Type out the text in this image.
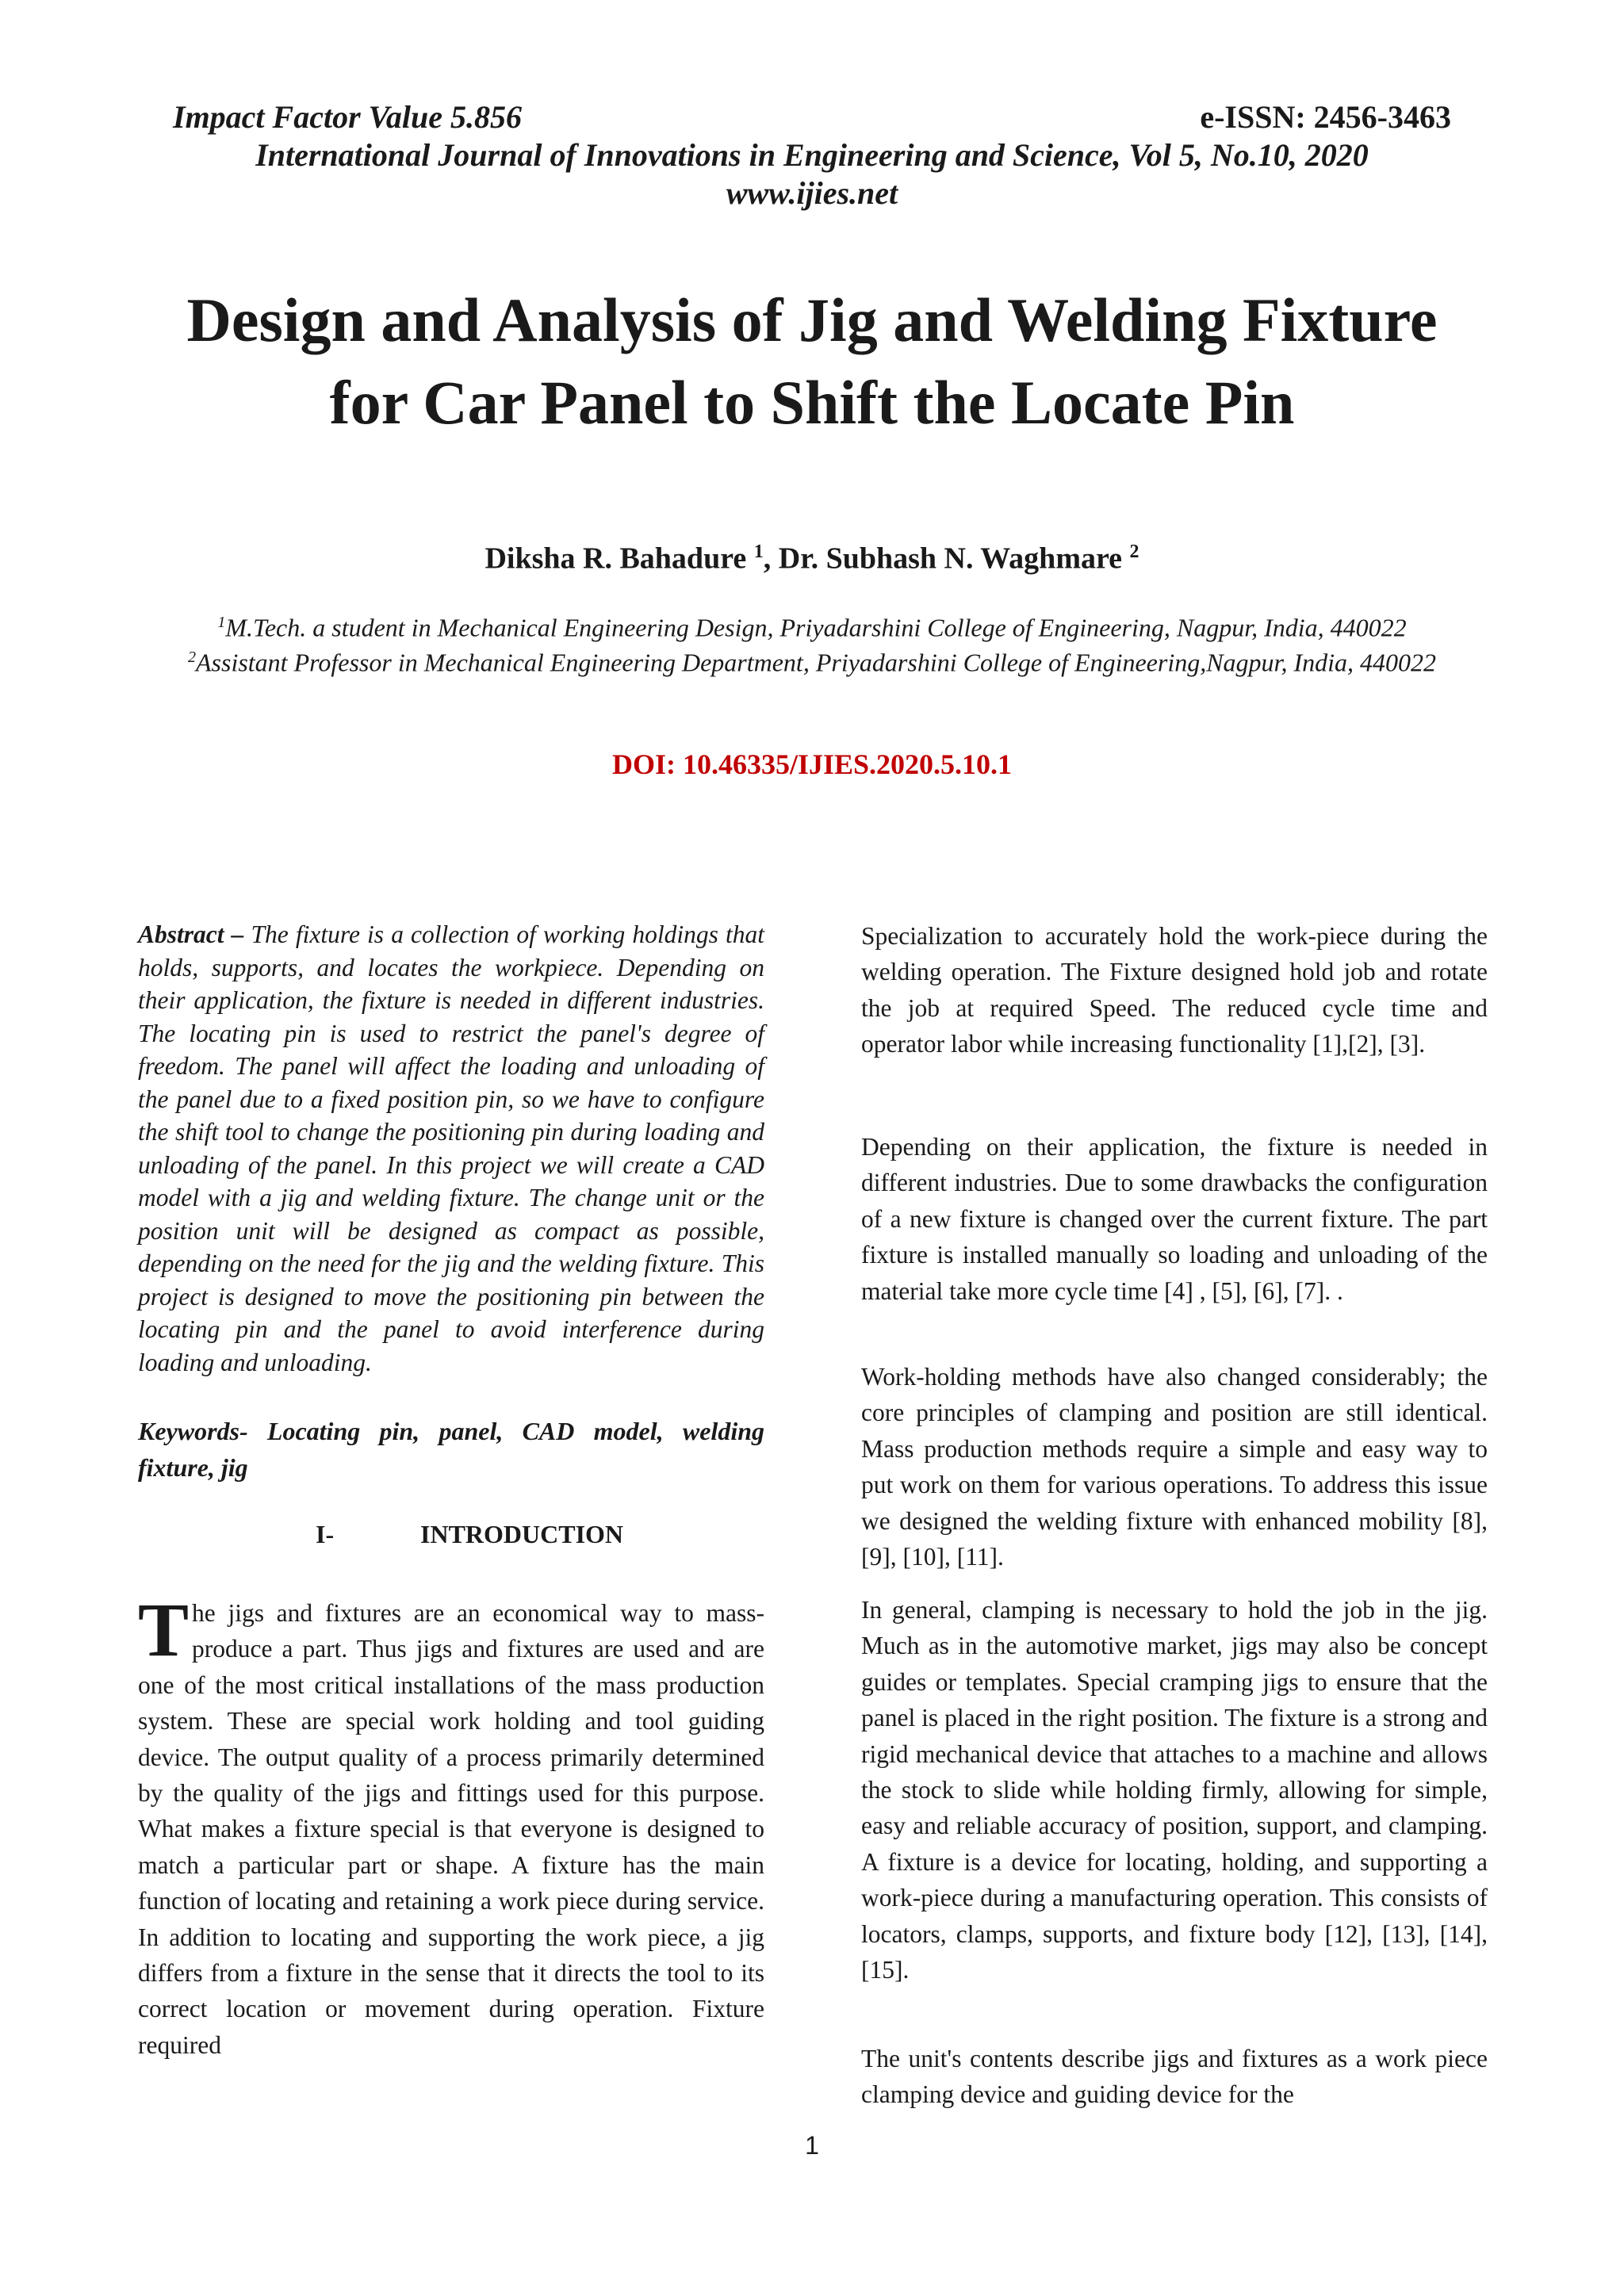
Impact Factor Value 5.856	e-ISSN: 2456-3463
International Journal of Innovations in Engineering and Science, Vol 5, No.10, 2020
www.ijies.net
Design and Analysis of Jig and Welding Fixture
for Car Panel to Shift the Locate Pin
Diksha R. Bahadure $^1$, Dr. Subhash N. Waghmare $^2$
$^1$M.Tech. a student in Mechanical Engineering Design, Priyadarshini College of Engineering, Nagpur, India, 440022
$^2$Assistant Professor in Mechanical Engineering Department, Priyadarshini College of Engineering,Nagpur, India, 440022
DOI: 10.46335/IJIES.2020.5.10.1

Abstract – The fixture is a collection of working holdings that holds, supports, and locates the workpiece. Depending on their application, the fixture is needed in different industries. The locating pin is used to restrict the panel's degree of freedom. The panel will affect the loading and unloading of the panel due to a fixed position pin, so we have to configure the shift tool to change the positioning pin during loading and unloading of the panel. In this project we will create a CAD model with a jig and welding fixture. The change unit or the position unit will be designed as compact as possible, depending on the need for the jig and the welding fixture. This project is designed to move the positioning pin between the locating pin and the panel to avoid interference during loading and unloading.

Keywords- Locating pin, panel, CAD model, welding fixture, jig

I-	INTRODUCTION

The jigs and fixtures are an economical way to mass-produce a part. Thus jigs and fixtures are used and are one of the most critical installations of the mass production system. These are special work holding and tool guiding device. The output quality of a process primarily determined by the quality of the jigs and fittings used for this purpose. What makes a fixture special is that everyone is designed to match a particular part or shape. A fixture has the main function of locating and retaining a work piece during service. In addition to locating and supporting the work piece, a jig differs from a fixture in the sense that it directs the tool to its correct location or movement during operation. Fixture required

Specialization to accurately hold the work-piece during the welding operation. The Fixture designed hold job and rotate the job at required Speed. The reduced cycle time and operator labor while increasing functionality [1],[2], [3].

Depending on their application, the fixture is needed in different industries. Due to some drawbacks the configuration of a new fixture is changed over the current fixture. The part fixture is installed manually so loading and unloading of the material take more cycle time [4] , [5], [6], [7]. .

Work-holding methods have also changed considerably; the core principles of clamping and position are still identical. Mass production methods require a simple and easy way to put work on them for various operations. To address this issue we designed the welding fixture with enhanced mobility [8], [9], [10], [11].

In general, clamping is necessary to hold the job in the jig. Much as in the automotive market, jigs may also be concept guides or templates. Special cramping jigs to ensure that the panel is placed in the right position. The fixture is a strong and rigid mechanical device that attaches to a machine and allows the stock to slide while holding firmly, allowing for simple, easy and reliable accuracy of position, support, and clamping. A fixture is a device for locating, holding, and supporting a work-piece during a manufacturing operation. This consists of locators, clamps, supports, and fixture body [12], [13], [14], [15].

The unit's contents describe jigs and fixtures as a work piece clamping device and guiding device for the

1
